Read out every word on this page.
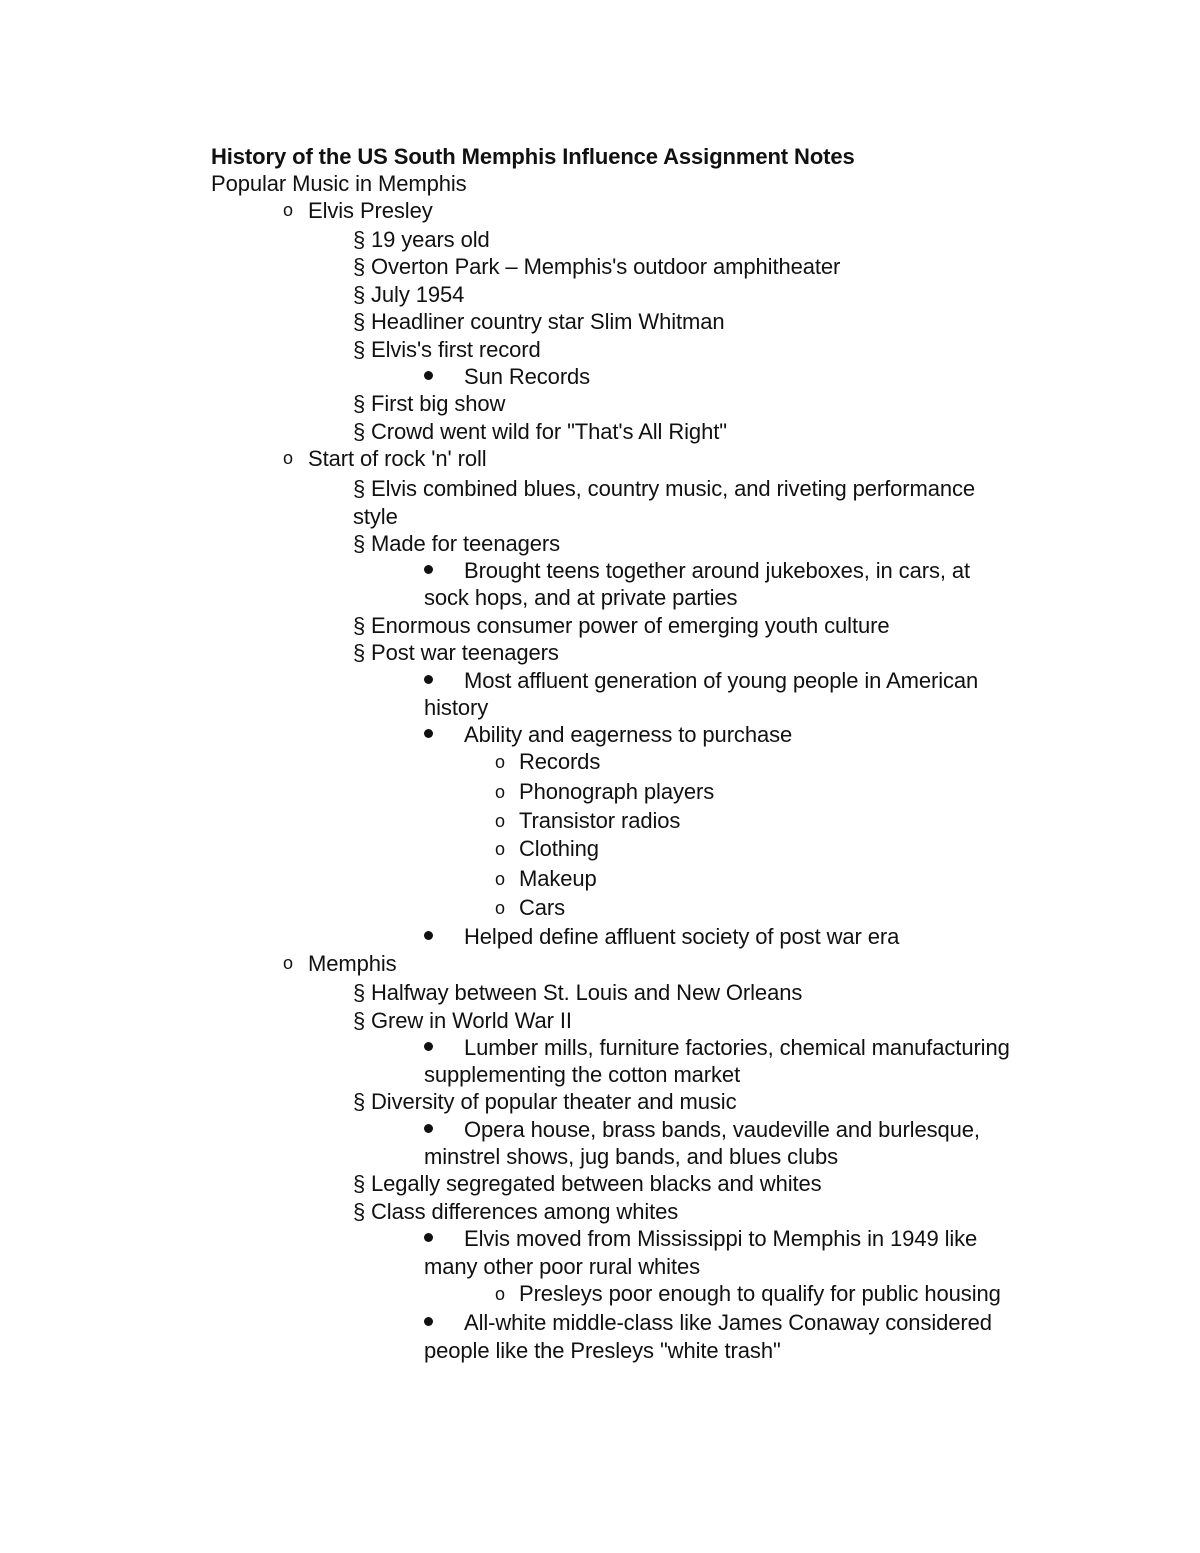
History of the US South Memphis Influence Assignment Notes
Popular Music in Memphis
o Elvis Presley
§ 19 years old
§ Overton Park – Memphis's outdoor amphitheater
§ July 1954
§ Headliner country star Slim Whitman
§ Elvis's first record
Sun Records
§ First big show
§ Crowd went wild for "That's All Right"
o Start of rock 'n' roll
§ Elvis combined blues, country music, and riveting performance
style
§ Made for teenagers
Brought teens together around jukeboxes, in cars, at
sock hops, and at private parties
§ Enormous consumer power of emerging youth culture
§ Post war teenagers
Most affluent generation of young people in American
history
Ability and eagerness to purchase
o Records
o Phonograph players
o Transistor radios
o Clothing
o Makeup
o Cars
Helped define affluent society of post war era
o Memphis
§ Halfway between St. Louis and New Orleans
§ Grew in World War II
Lumber mills, furniture factories, chemical manufacturing
supplementing the cotton market
§ Diversity of popular theater and music
Opera house, brass bands, vaudeville and burlesque,
minstrel shows, jug bands, and blues clubs
§ Legally segregated between blacks and whites
§ Class differences among whites
Elvis moved from Mississippi to Memphis in 1949 like
many other poor rural whites
o Presleys poor enough to qualify for public housing
All-white middle-class like James Conaway considered
people like the Presleys "white trash"
